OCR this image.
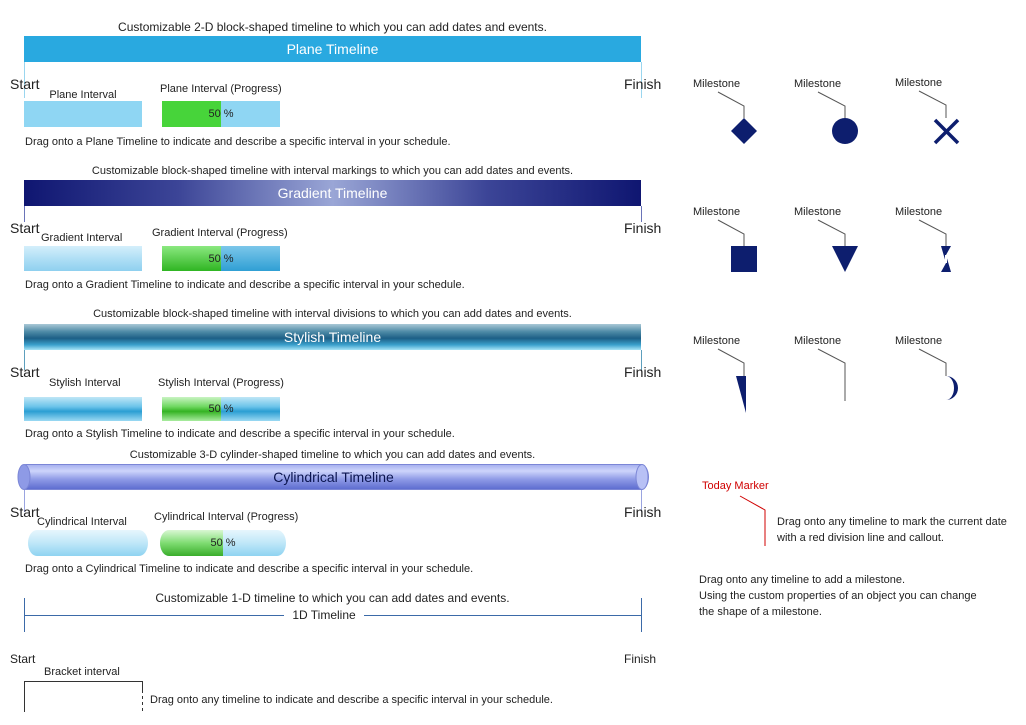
Customizable 2-D block-shaped timeline to which you can add dates and events.
Plane Timeline
Start	Finish
Plane Interval	Plane Interval (Progress)
50 %
Drag onto a Plane Timeline to indicate and describe a specific interval in your schedule.
Customizable block-shaped timeline with interval markings to which you can add dates and events.
Gradient Timeline
Start	Finish
Gradient Interval	Gradient Interval (Progress)
50 %
Drag onto a Gradient Timeline to indicate and describe a specific interval in your schedule.
Customizable block-shaped timeline with interval divisions to which you can add dates and events.
Stylish Timeline
Start	Finish
Stylish Interval	Stylish Interval (Progress)
50 %
Drag onto a Stylish Timeline to indicate and describe a specific interval in your schedule.
Customizable 3-D cylinder-shaped timeline to which you can add dates and events.
Cylindrical Timeline
Start	Finish
Cylindrical Interval Cylindrical Interval (Progress)
50 %
Drag onto a Cylindrical Timeline to indicate and describe a specific interval in your schedule.
Customizable 1-D timeline to which you can add dates and events.
1D Timeline
Start	Finish
Bracket interval
Drag onto any timeline to indicate and describe a specific interval in your schedule.
Milestone	Milestone	Milestone
Milestone	Milestone	Milestone
Milestone	Milestone	Milestone
Today Marker
Drag onto any timeline to mark the current date
with a red division line and callout.
Drag onto any timeline to add a milestone.
Using the custom properties of an object you can change
the shape of a milestone.
